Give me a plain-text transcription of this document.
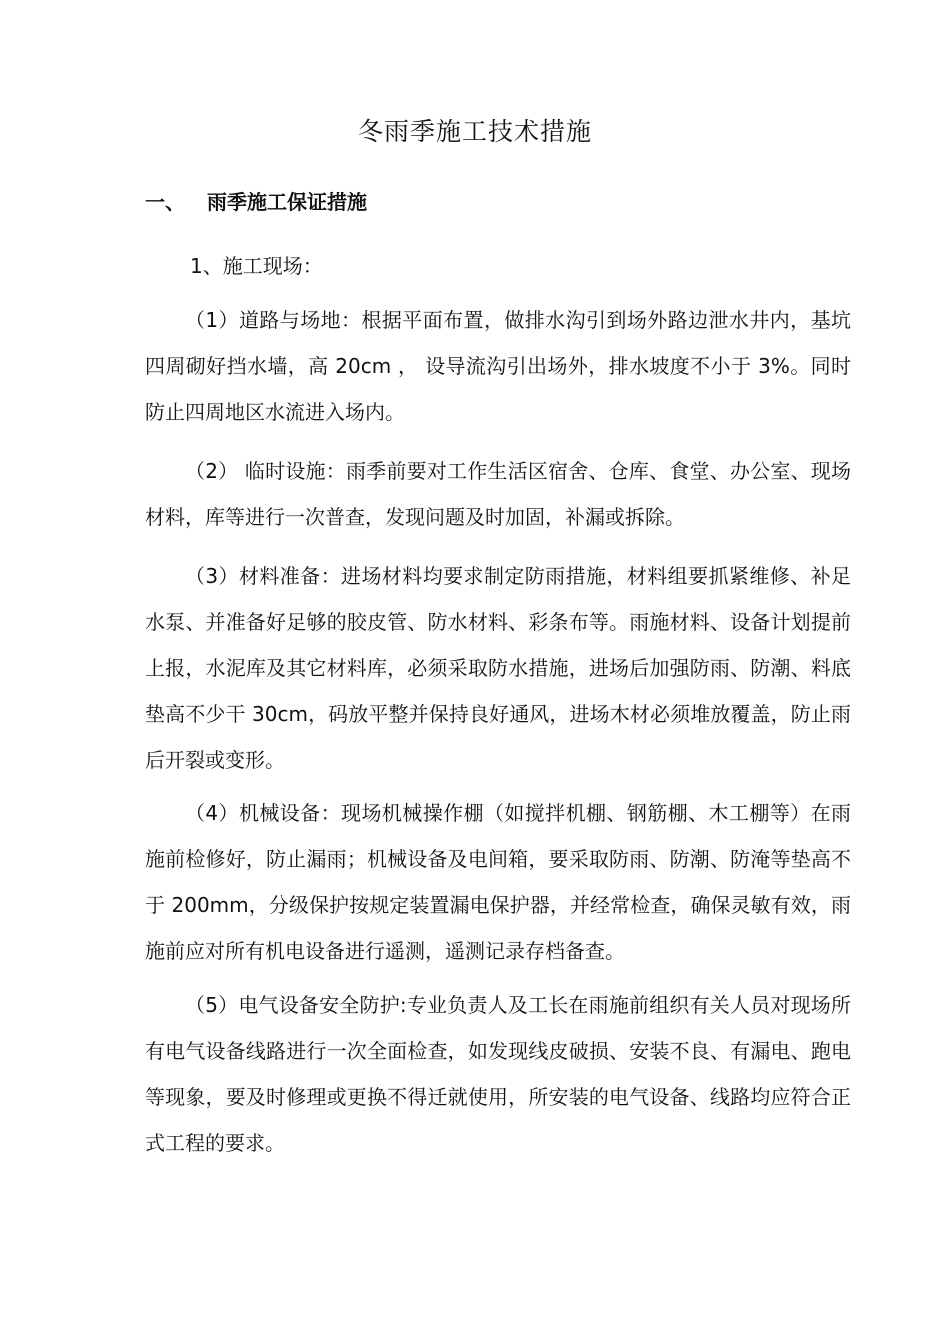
冬雨季施工技术措施
一、 雨季施工保证措施

1、施工现场：

（1）道路与场地：根据平面布置，做排水沟引到场外路边泄水井内，基坑四周砌好挡水墙，高 20cm ， 设导流沟引出场外，排水坡度不小于 3%。同时防止四周地区水流进入场内。

（2） 临时设施：雨季前要对工作生活区宿舍、仓库、食堂、办公室、现场材料，库等进行一次普查，发现问题及时加固，补漏或拆除。

（3）材料准备：进场材料均要求制定防雨措施，材料组要抓紧维修、补足水泵、并准备好足够的胶皮管、防水材料、彩条布等。雨施材料、设备计划提前上报，水泥库及其它材料库，必须采取防水措施，进场后加强防雨、防潮、料底垫高不少干 30cm，码放平整并保持良好通风，进场木材必须堆放覆盖，防止雨后开裂或变形。

（4）机械设备：现场机械操作棚（如搅拌机棚、钢筋棚、木工棚等）在雨施前检修好，防止漏雨；机械设备及电间箱，要采取防雨、防潮、防淹等垫高不于 200mm，分级保护按规定装置漏电保护器，并经常检查，确保灵敏有效，雨施前应对所有机电设备进行遥测，遥测记录存档备查。

（5）电气设备安全防护:专业负责人及工长在雨施前组织有关人员对现场所有电气设备线路进行一次全面检查，如发现线皮破损、安装不良、有漏电、跑电等现象，要及时修理或更换不得迁就使用，所安装的电气设备、线路均应符合正式工程的要求。
